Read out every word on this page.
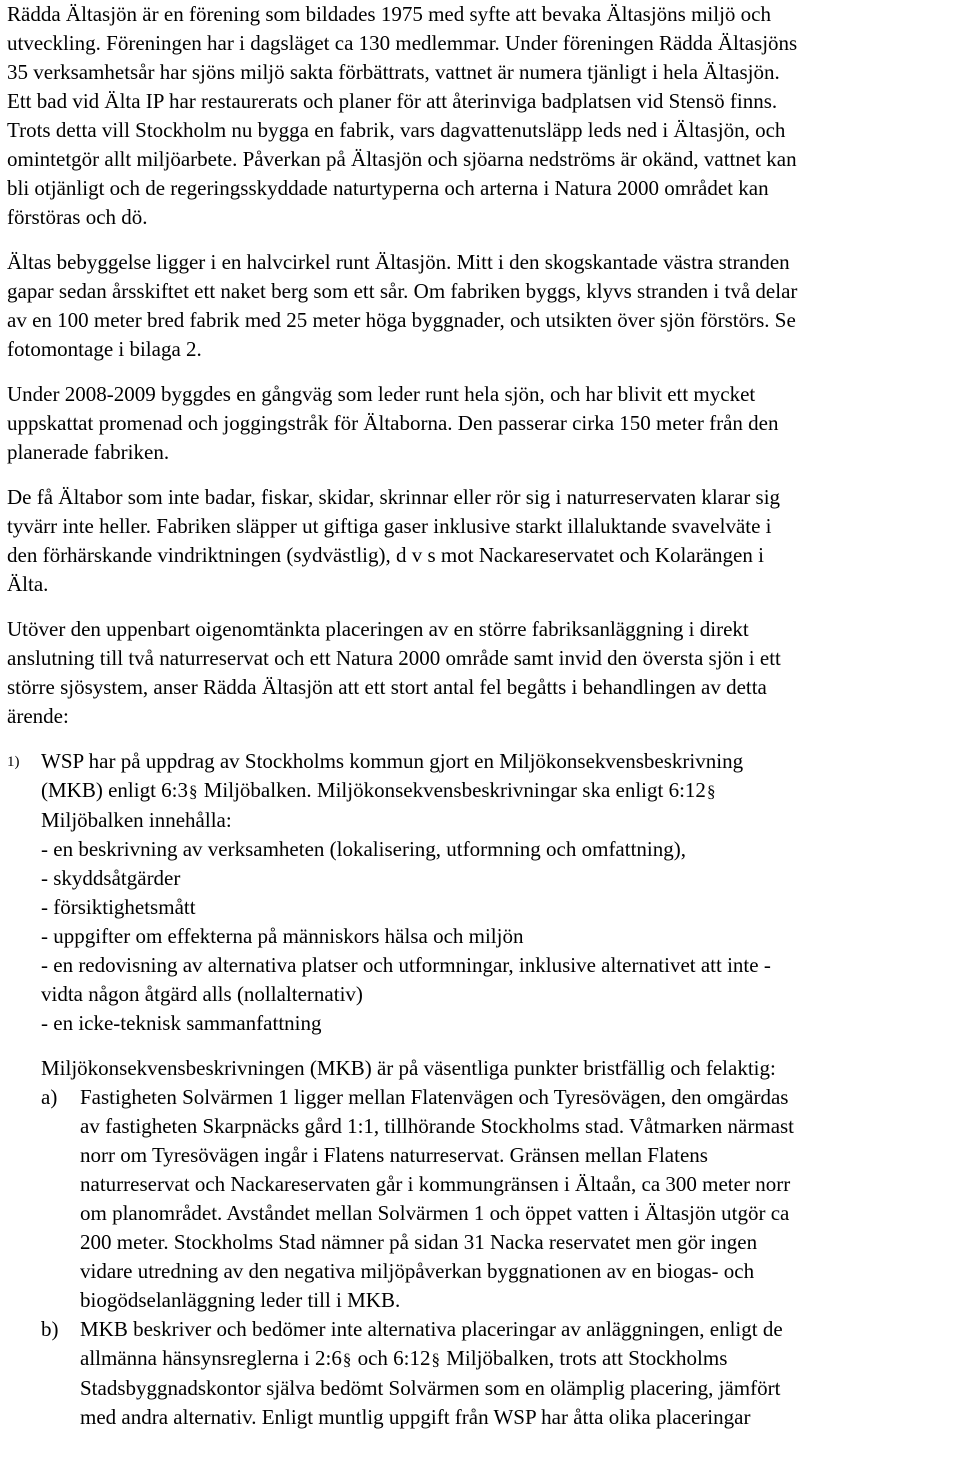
Rädda Ältasjön är en förening som bildades 1975 med syfte att bevaka Ältasjöns miljö och

utveckling. Föreningen har i dagsläget ca 130 medlemmar. Under föreningen Rädda Ältasjöns

35 verksamhetsår har sjöns miljö sakta förbättrats, vattnet är numera tjänligt i hela Ältasjön.

Ett bad vid Älta IP har restaurerats och planer för att återinviga badplatsen vid Stensö finns.

Trots detta vill Stockholm nu bygga en fabrik, vars dagvattenutsläpp leds ned i Ältasjön, och

omintetgör allt miljöarbete. Påverkan på Ältasjön och sjöarna nedströms är okänd, vattnet kan

bli otjänligt och de regeringsskyddade naturtyperna och arterna i Natura 2000 området kan

förstöras och dö.

Ältas bebyggelse ligger i en halvcirkel runt Ältasjön. Mitt i den skogskantade västra stranden

gapar sedan årsskiftet ett naket berg som ett sår. Om fabriken byggs, klyvs stranden i två delar

av en 100 meter bred fabrik med 25 meter höga byggnader, och utsikten över sjön förstörs. Se

fotomontage i bilaga 2.

Under 2008-2009 byggdes en gångväg som leder runt hela sjön, och har blivit ett mycket

uppskattat promenad och joggingstråk för Ältaborna. Den passerar cirka 150 meter från den

planerade fabriken.

De få Ältabor som inte badar, fiskar, skidar, skrinnar eller rör sig i naturreservaten klarar sig

tyvärr inte heller. Fabriken släpper ut giftiga gaser inklusive starkt illaluktande svavelväte i

den förhärskande vindriktningen (sydvästlig), d v s mot Nackareservatet och Kolarängen i

Älta.

Utöver den uppenbart oigenomtänkta placeringen av en större fabriksanläggning i direkt

anslutning till två naturreservat och ett Natura 2000 område samt invid den översta sjön i ett

större sjösystem, anser Rädda Ältasjön att ett stort antal fel begåtts i behandlingen av detta

ärende:

1) WSP har på uppdrag av Stockholms kommun gjort en Miljökonsekvensbeskrivning

(MKB) enligt 6:3§ Miljöbalken. Miljökonsekvensbeskrivningar ska enligt 6:12§

Miljöbalken innehålla:

- en beskrivning av verksamheten (lokalisering, utformning och omfattning),

- skyddsåtgärder

- försiktighetsmått

- uppgifter om effekterna på människors hälsa och miljön

- en redovisning av alternativa platser och utformningar, inklusive alternativet att inte -

vidta någon åtgärd alls (nollalternativ)

- en icke-teknisk sammanfattning

Miljökonsekvensbeskrivningen (MKB) är på väsentliga punkter bristfällig och felaktig:

a) Fastigheten Solvärmen 1 ligger mellan Flatenvägen och Tyresövägen, den omgärdas

av fastigheten Skarpnäcks gård 1:1, tillhörande Stockholms stad. Våtmarken närmast

norr om Tyresövägen ingår i Flatens naturreservat. Gränsen mellan Flatens

naturreservat och Nackareservaten går i kommungränsen i Ältaån, ca 300 meter norr

om planområdet. Avståndet mellan Solvärmen 1 och öppet vatten i Ältasjön utgör ca

200 meter. Stockholms Stad nämner på sidan 31 Nacka reservatet men gör ingen

vidare utredning av den negativa miljöpåverkan byggnationen av en biogas- och

biogödselanläggning leder till i MKB.

b) MKB beskriver och bedömer inte alternativa placeringar av anläggningen, enligt de

allmänna hänsynsreglerna i 2:6§ och 6:12§ Miljöbalken, trots att Stockholms

Stadsbyggnadskontor själva bedömt Solvärmen som en olämplig placering, jämfört

med andra alternativ. Enligt muntlig uppgift från WSP har åtta olika placeringar
